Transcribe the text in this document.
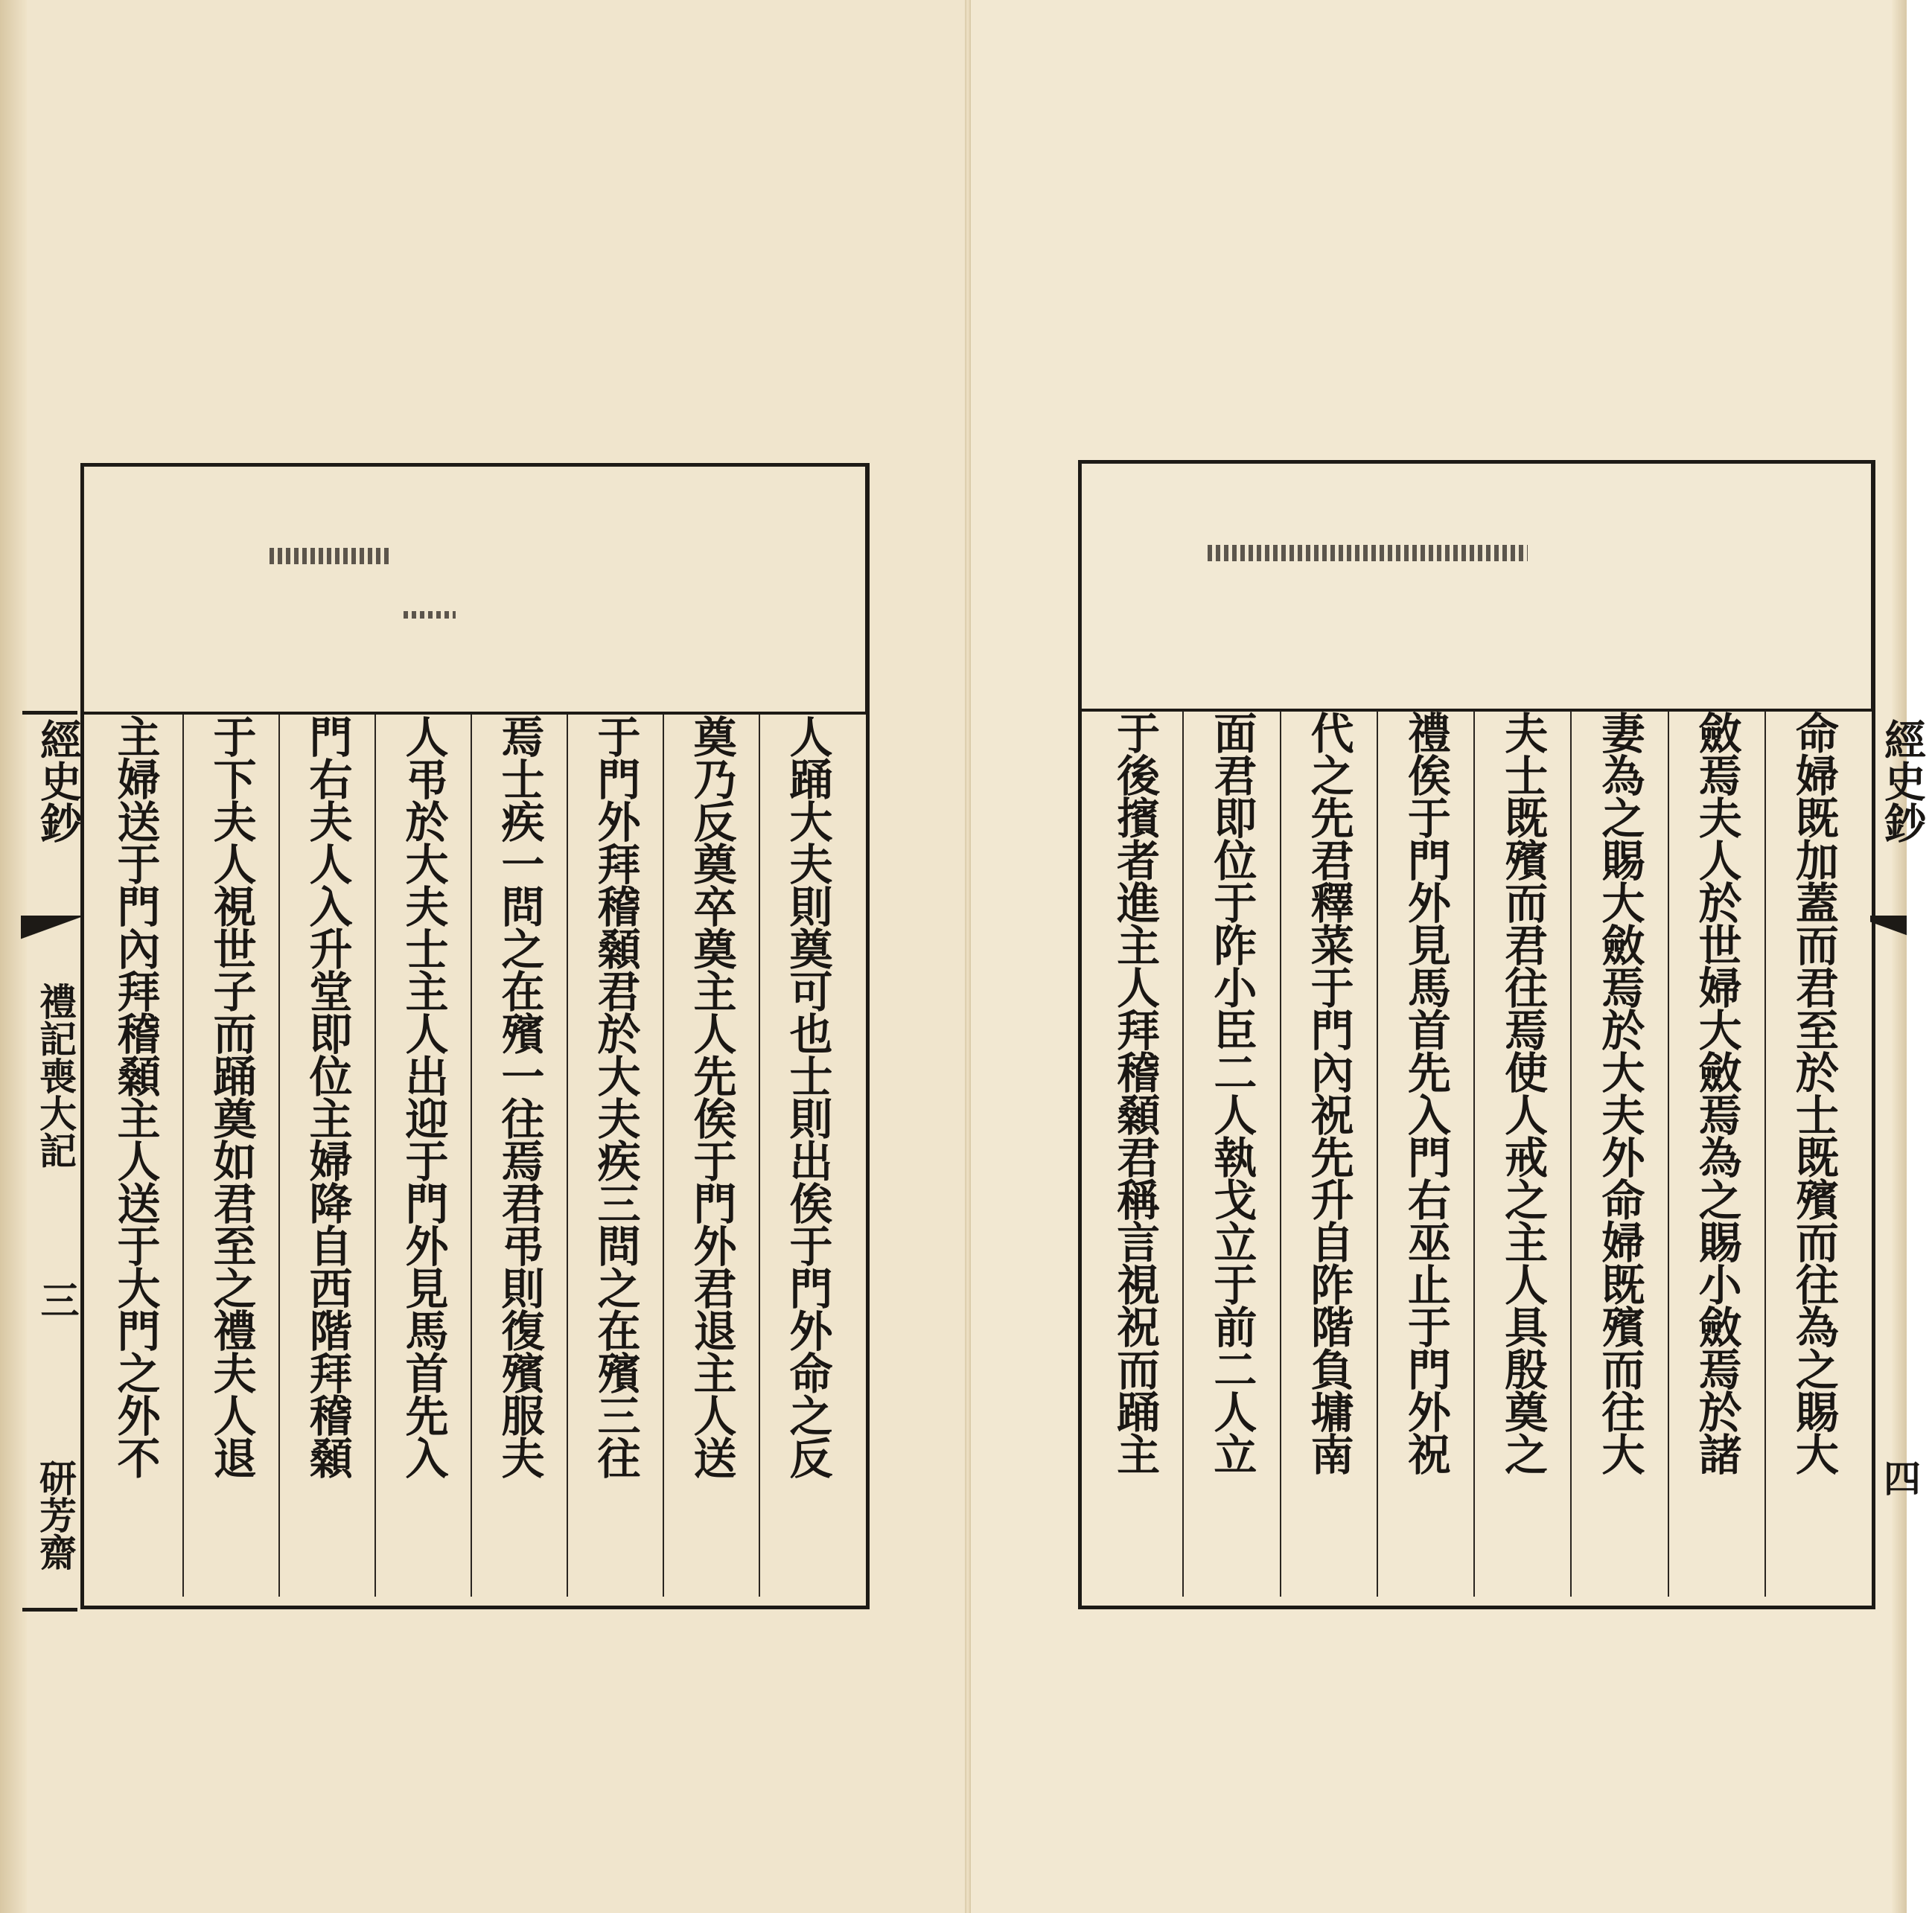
經史鈔
禮記喪大記
三
研芳齋
人踊大夫則奠可也士則出俟于門外命之反
奠乃反奠卒奠主人先俟于門外君退主人送
于門外拜稽顙君於大夫疾三問之在殯三往
焉士疾一問之在殯一往焉君弔則復殯服夫
人弔於大夫士主人出迎于門外見馬首先入
門右夫人入升堂即位主婦降自西階拜稽顙
于下夫人視世子而踊奠如君至之禮夫人退
主婦送于門內拜稽顙主人送于大門之外不	經史鈔
四
命婦既加蓋而君至於士既殯而往為之賜大
斂焉夫人於世婦大斂焉為之賜小斂焉於諸
妻為之賜大斂焉於大夫外命婦既殯而往大
夫士既殯而君往焉使人戒之主人具殷奠之
禮俟于門外見馬首先入門右巫止于門外祝
代之先君釋菜于門內祝先升自阼階負墉南
面君即位于阼小臣二人執戈立于前二人立
于後擯者進主人拜稽顙君稱言視祝而踊主
